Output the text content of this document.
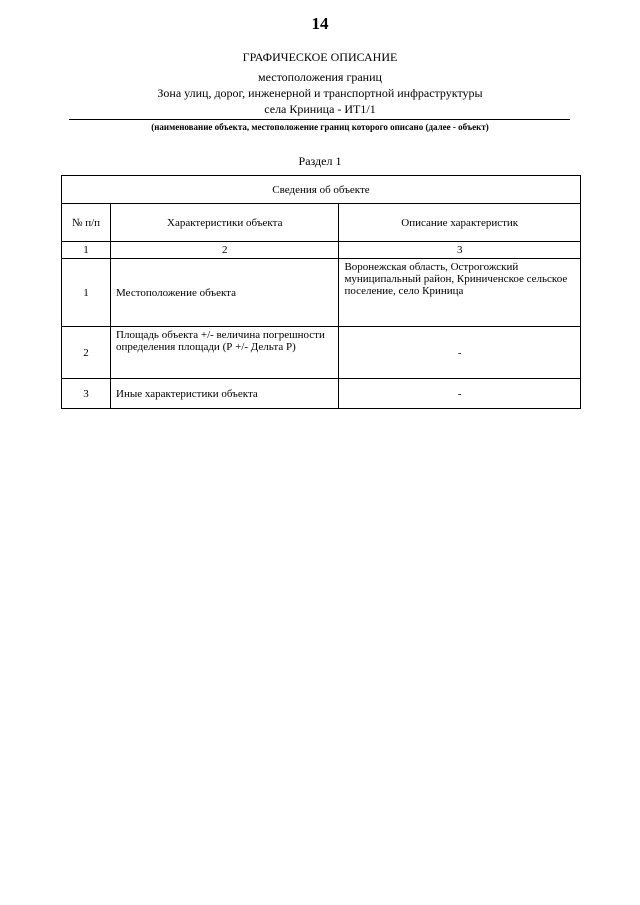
14
ГРАФИЧЕСКОЕ ОПИСАНИЕ
местоположения границ
Зона улиц, дорог, инженерной и транспортной инфраструктуры
села Криница - ИТ1/1
(наименование объекта, местоположение границ которого описано (далее - объект)
Раздел 1
Сведения об объекте		
№ п/п	Характеристики объекта	Описание характеристик
1	2	3
1	Местоположение объекта	Воронежская область, Острогожский муниципальный район, Криниченское сельское поселение, село Криница
2	Площадь объекта +/- величина погрешности определения площади (Р +/- Дельта Р)	-
3	Иные характеристики объекта	-
